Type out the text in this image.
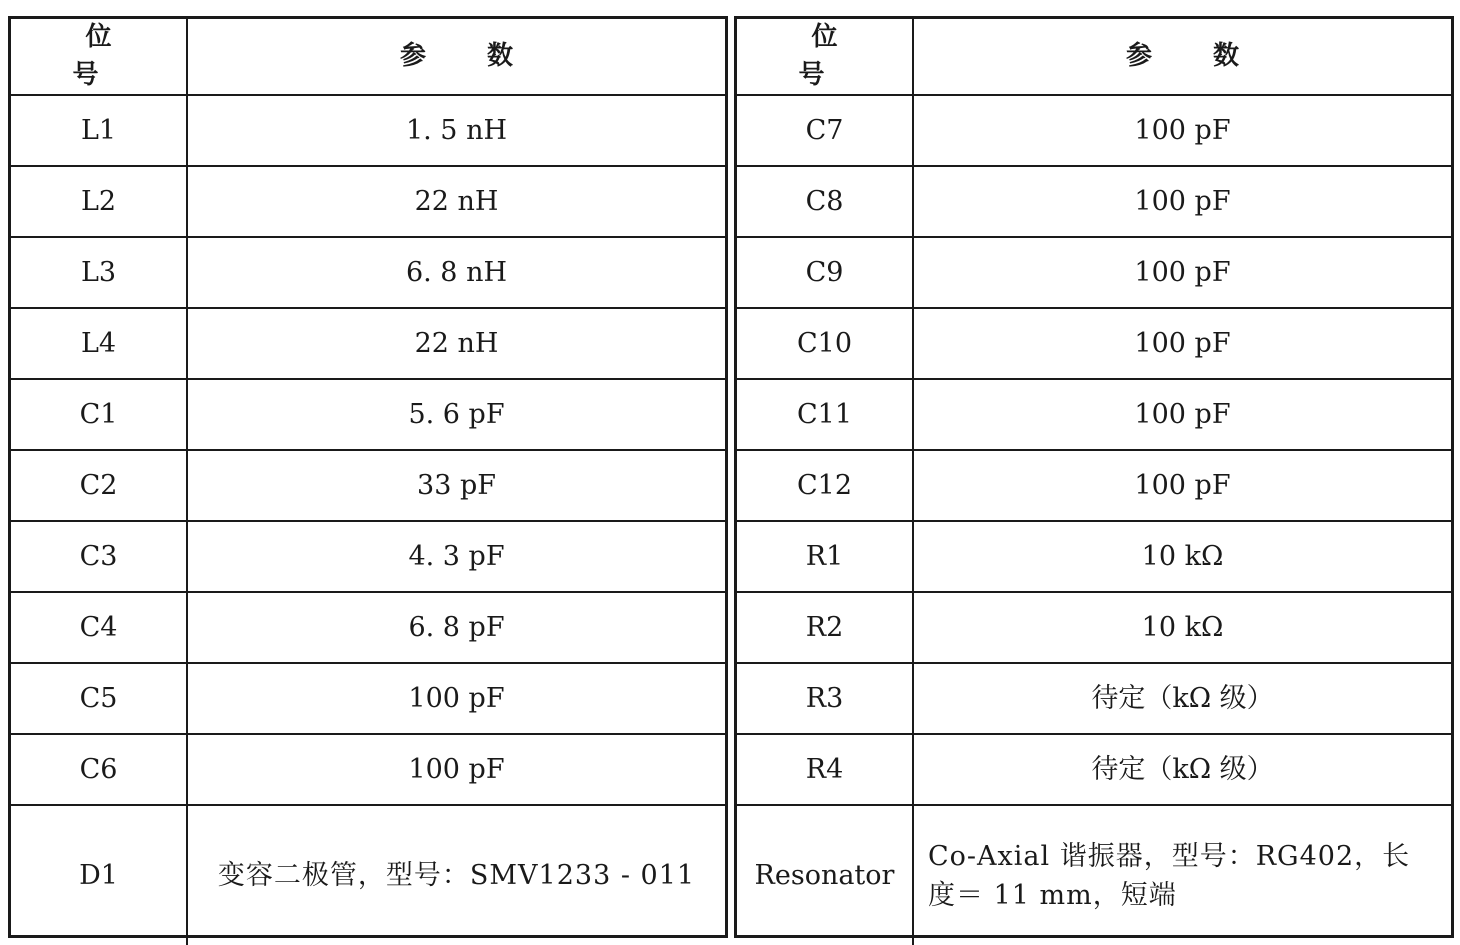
位 号	参 数
L1	1. 5 nH
L2	22 nH
L3	6. 8 nH
L4	22 nH
C1	5. 6 pF
C2	33 pF
C3	4. 3 pF
C4	6. 8 pF
C5	100 pF
C6	100 pF
D1	变容二极管，型号：SMV1233 - 011
位 号	参 数
C7	100 pF
C8	100 pF
C9	100 pF
C10	100 pF
C11	100 pF
C12	100 pF
R1	10 kΩ
R2	10 kΩ
R3	待定（kΩ 级）
R4	待定（kΩ 级）
Resonator	Co-Axial 谐振器，型号：RG402，长度＝ 11 mm，短端
